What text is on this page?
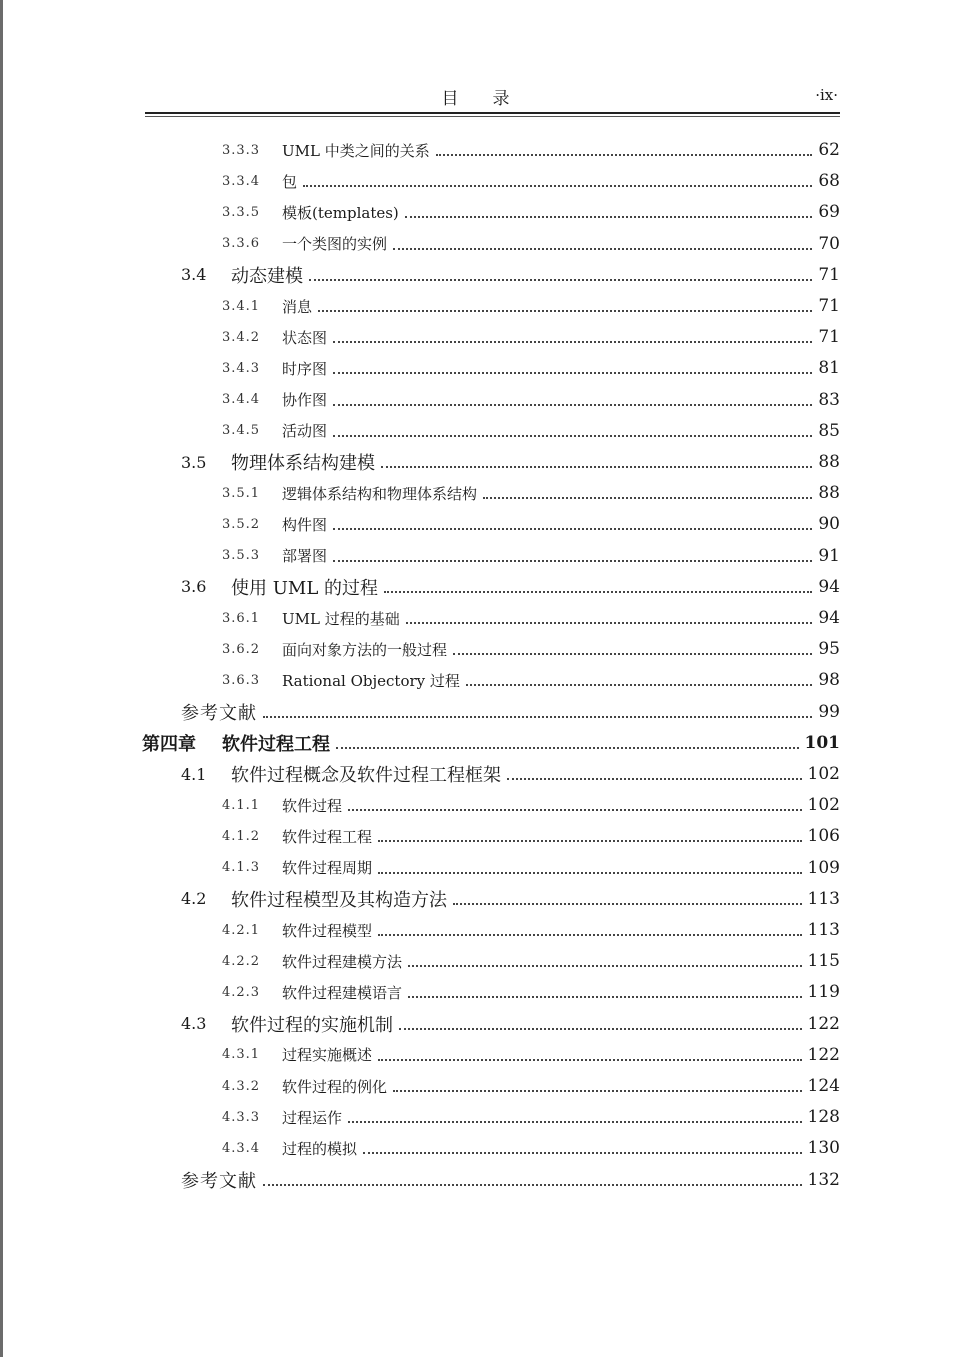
目录	·ix·
3.3.3	UML 中类之间的关系	62
3.3.4	包	68
3.3.5	模板(templates)	69
3.3.6	一个类图的实例	70
3.4	动态建模	71
3.4.1	消息	71
3.4.2	状态图	71
3.4.3	时序图	81
3.4.4	协作图	83
3.4.5	活动图	85
3.5	物理体系结构建模	88
3.5.1	逻辑体系结构和物理体系结构	88
3.5.2	构件图	90
3.5.3	部署图	91
3.6	使用 UML 的过程	94
3.6.1	UML 过程的基础	94
3.6.2	面向对象方法的一般过程	95
3.6.3	Rational Objectory 过程	98
参考文献	99
第四章	软件过程工程	101
4.1	软件过程概念及软件过程工程框架	102
4.1.1	软件过程	102
4.1.2	软件过程工程	106
4.1.3	软件过程周期	109
4.2	软件过程模型及其构造方法	113
4.2.1	软件过程模型	113
4.2.2	软件过程建模方法	115
4.2.3	软件过程建模语言	119
4.3	软件过程的实施机制	122
4.3.1	过程实施概述	122
4.3.2	软件过程的例化	124
4.3.3	过程运作	128
4.3.4	过程的模拟	130
参考文献	132
